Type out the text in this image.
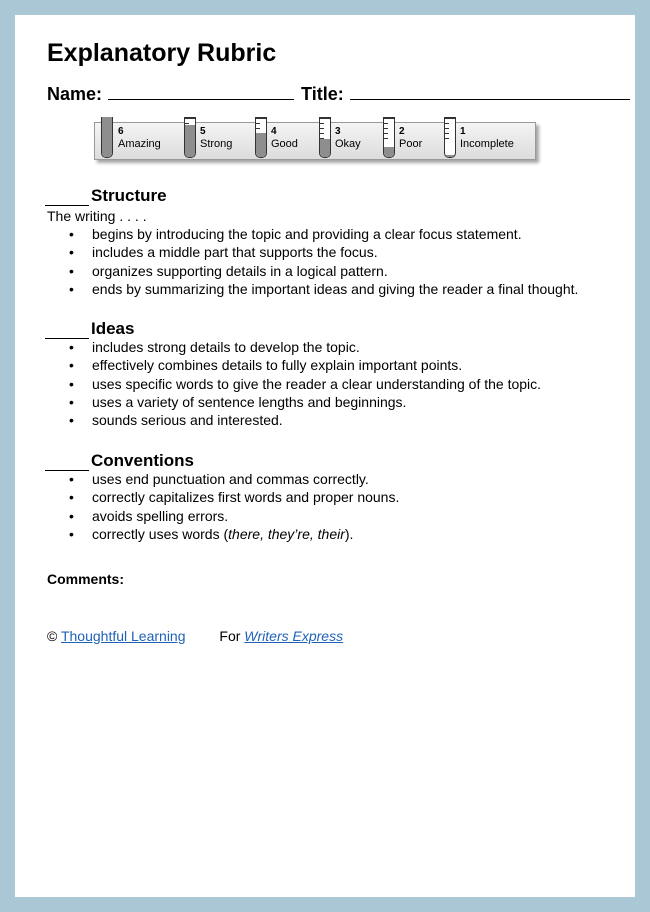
Explanatory Rubric
Name:	Title:
6
Amazing
5
Strong
4
Good
3
Okay
2
Poor
1
Incomplete
Structure
The writing . . . .
• begins by introducing the topic and providing a clear focus statement.
• includes a middle part that supports the focus.
• organizes supporting details in a logical pattern.
• ends by summarizing the important ideas and giving the reader a final thought.
Ideas
• includes strong details to develop the topic.
• effectively combines details to fully explain important points.
• uses specific words to give the reader a clear understanding of the topic.
• uses a variety of sentence lengths and beginnings.
• sounds serious and interested.
Conventions
• uses end punctuation and commas correctly.
• correctly capitalizes first words and proper nouns.
• avoids spelling errors.
• correctly uses words (there, they’re, their).
Comments:
© Thoughtful Learning For Writers Express
